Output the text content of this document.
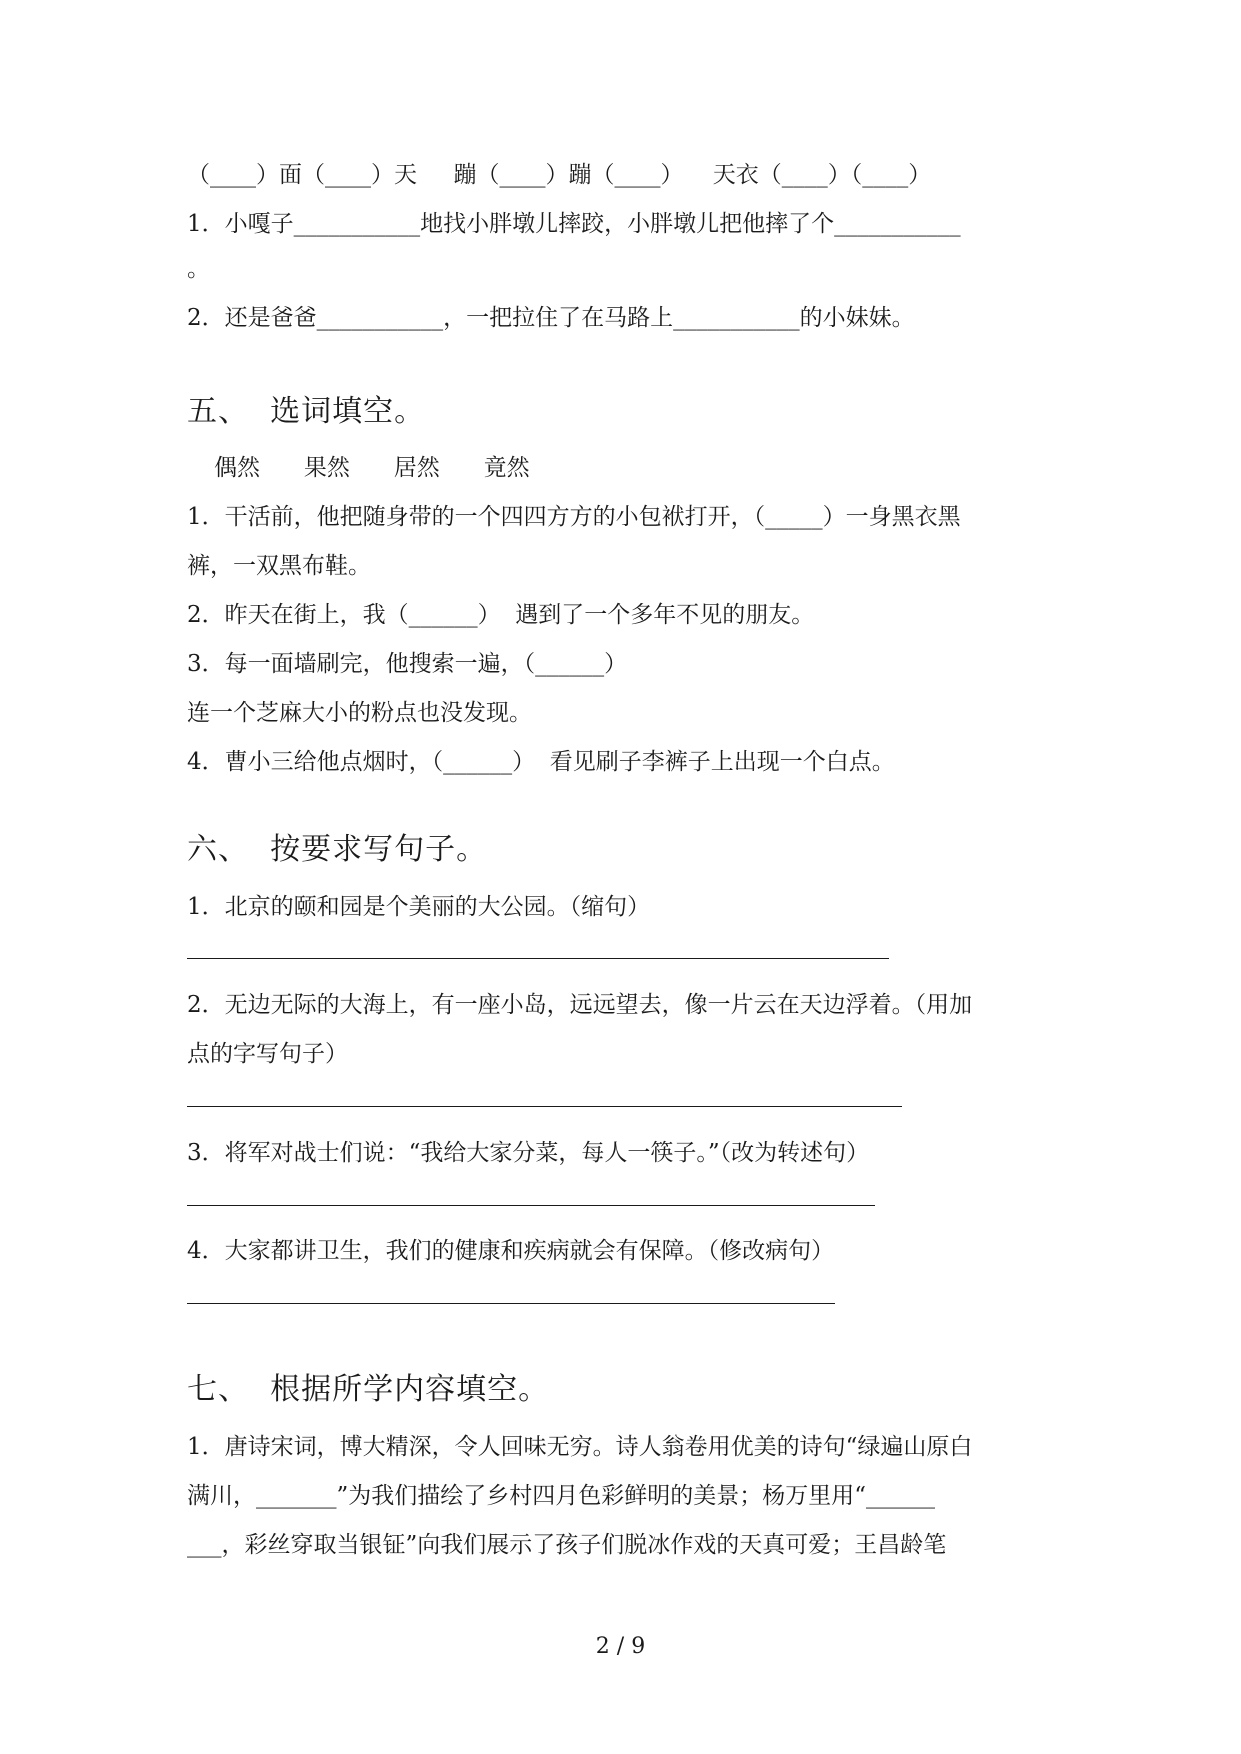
（____）面（____）天     蹦（____）蹦（____）    天衣（____）（____）
1．小嘎子___________地找小胖墩儿摔跤，小胖墩儿把他摔了个___________
。
2．还是爸爸___________，一把拉住了在马路上___________的小妹妹。
五、  选词填空。
偶然      果然      居然      竟然
1．干活前，他把随身带的一个四四方方的小包袱打开，（_____）一身黑衣黑
裤，一双黑布鞋。
2．昨天在街上，我（______）  遇到了一个多年不见的朋友。
3．每一面墙刷完，他搜索一遍，（______）
连一个芝麻大小的粉点也没发现。
4．曹小三给他点烟时，（______）  看见刷子李裤子上出现一个白点。
六、  按要求写句子。
1．北京的颐和园是个美丽的大公园。（缩句）
2．无边无际的大海上，有一座小岛，远远望去，像一片云在天边浮着。（用加
点的字写句子）
3．将军对战士们说：“我给大家分菜，每人一筷子。”（改为转述句）
4．大家都讲卫生，我们的健康和疾病就会有保障。（修改病句）
七、  根据所学内容填空。
1．唐诗宋词，博大精深，令人回味无穷。诗人翁卷用优美的诗句“绿遍山原白
满川，_______”为我们描绘了乡村四月色彩鲜明的美景；杨万里用“______
___，彩丝穿取当银钲”向我们展示了孩子们脱冰作戏的天真可爱；王昌龄笔
2 / 9
